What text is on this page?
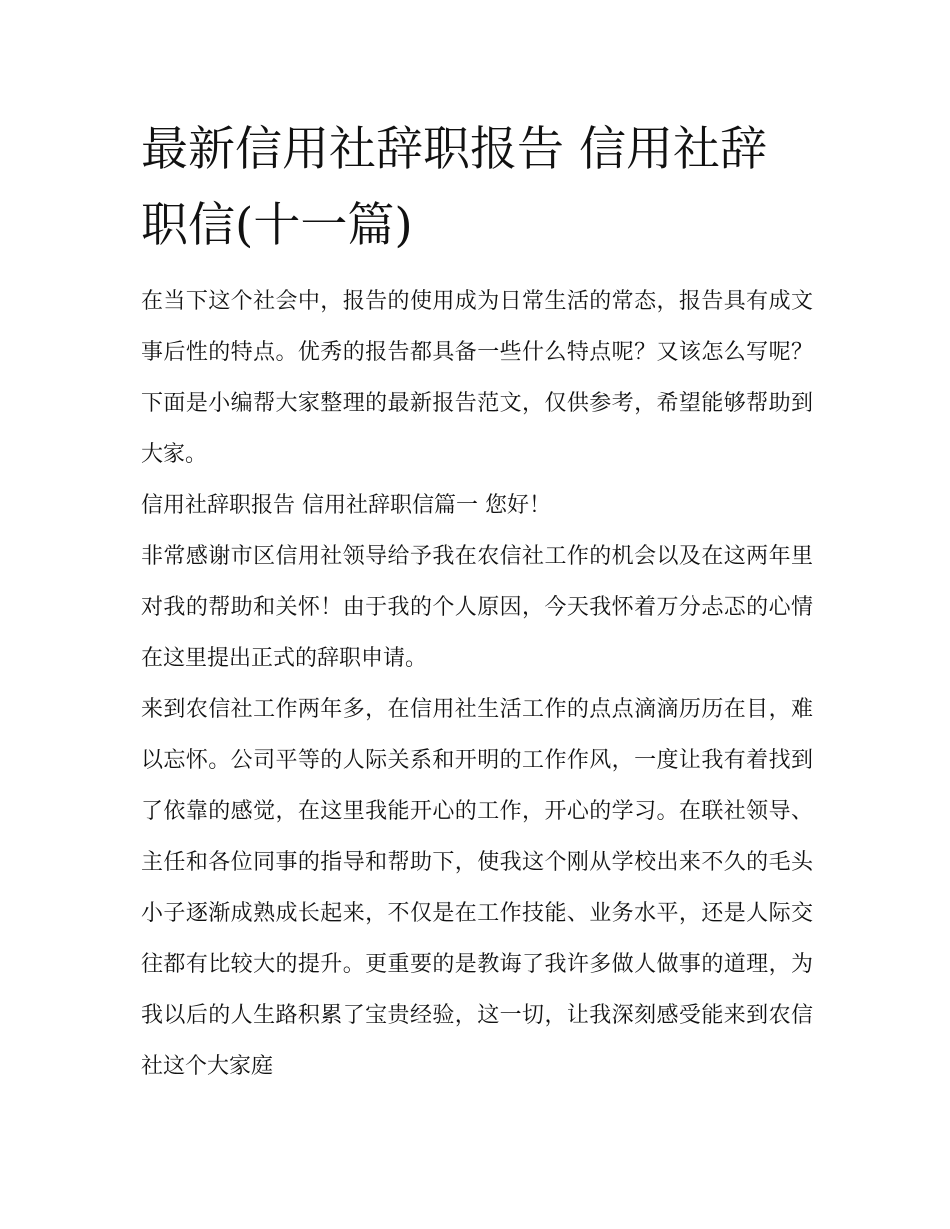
最新信用社辞职报告 信用社辞职信(十一篇)

在当下这个社会中，报告的使用成为日常生活的常态，报告具有成文事后性的特点。优秀的报告都具备一些什么特点呢？又该怎么写呢？下面是小编帮大家整理的最新报告范文，仅供参考，希望能够帮助到大家。

信用社辞职报告 信用社辞职信篇一 您好！

非常感谢市区信用社领导给予我在农信社工作的机会以及在这两年里对我的帮助和关怀！由于我的个人原因，今天我怀着万分忐忑的心情在这里提出正式的辞职申请。

来到农信社工作两年多，在信用社生活工作的点点滴滴历历在目，难以忘怀。公司平等的人际关系和开明的工作作风，一度让我有着找到了依靠的感觉，在这里我能开心的工作，开心的学习。在联社领导、主任和各位同事的指导和帮助下，使我这个刚从学校出来不久的毛头小子逐渐成熟成长起来，不仅是在工作技能、业务水平，还是人际交往都有比较大的提升。更重要的是教诲了我许多做人做事的道理，为我以后的人生路积累了宝贵经验，这一切，让我深刻感受能来到农信社这个大家庭
